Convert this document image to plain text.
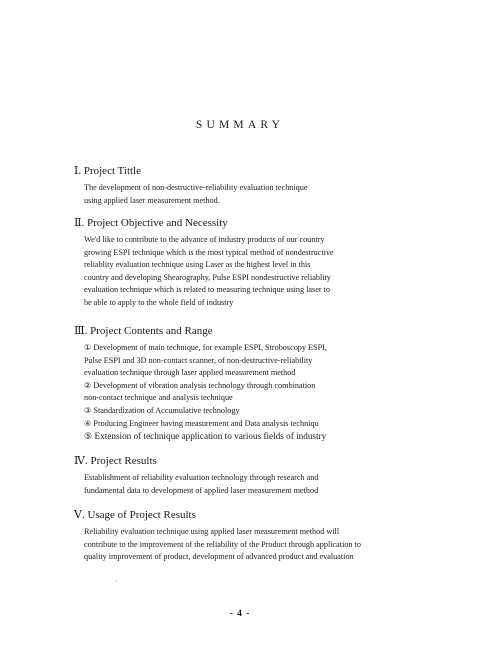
SUMMARY
Ⅰ. Project Tittle

The development of non-destructive-reliability evaluation technique

using applied laser measurement method.

Ⅱ. Project Objective and Necessity

We'd like to contribute to the advance of industry products of our country

growing ESPI technique which is the most typical method of nondestructive

reliablity evaluation technique using Laser as the highest level in this

country and developing Shearography, Pulse ESPI nondestructive reliablity

evaluation technique which is related to measuring technique using laser to

be able to apply to the whole field of industry

Ⅲ. Project Contents and Range
① Development of main technique, for example ESPI, Stroboscopy ESPI,
Pulse ESPI and 3D non-contact scanner, of non-destructive-reliability
evaluation technique through laser applied measurement method
② Development of vibration analysis technology through combination
non-contact technique and analysis technique
③ Standardization of Accumulative technology
④ Producing Engineer having measurement and Data analysis techniqu
⑤ Extension of technique application to various fields of industry
Ⅳ. Project Results

Establishment of reliability evaluation technology through research and

fundamental data to development of applied laser measurement method

Ⅴ. Usage of Project Results

Reliability evaluation technique using applied laser measurement method will

contribute to the improvement of the reliability of the Product through application to

quality improvement of product, development of advanced product and evaluation

- 4 -
